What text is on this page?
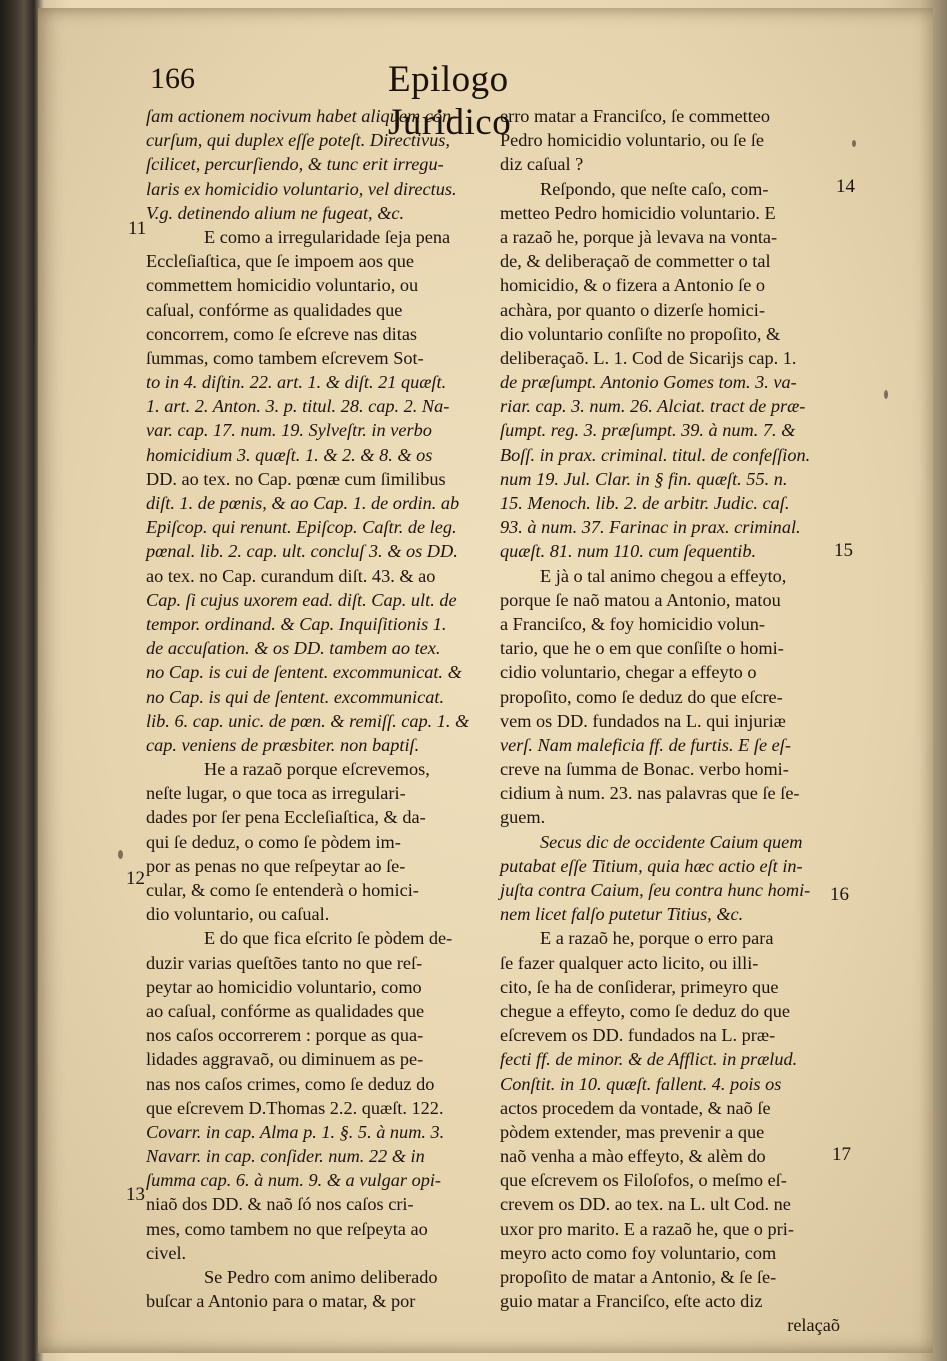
166	Epilogo Juridico
ſam actionem nocivum habet aliquem con-
curſum, qui duplex eſſe poteſt. Directivus,
ſcilicet, percurſiendo, & tunc erit irregu-
laris ex homicidio voluntario, vel directus.
V.g. detinendo alium ne fugeat, &c.
E como a irregularidade ſeja pena
Eccleſiaſtica, que ſe impoem aos que
commettem homicidio voluntario, ou
caſual, confórme as qualidades que
concorrem, como ſe eſcreve nas ditas
ſummas, como tambem eſcrevem Sot-
to in 4. diſtin. 22. art. 1. & diſt. 21 quæſt.
1. art. 2. Anton. 3. p. titul. 28. cap. 2. Na-
var. cap. 17. num. 19. Sylveſtr. in verbo
homicidium 3. quæſt. 1. & 2. & 8. & os
DD. ao tex. no Cap. pœnæ cum ſimilibus
diſt. 1. de pœnis, & ao Cap. 1. de ordin. ab
Epiſcop. qui renunt. Epiſcop. Caſtr. de leg.
pœnal. lib. 2. cap. ult. concluſ 3. & os DD.
ao tex. no Cap. curandum diſt. 43. & ao
Cap. ſi cujus uxorem ead. diſt. Cap. ult. de
tempor. ordinand. & Cap. Inquiſitionis 1.
de accuſation. & os DD. tambem ao tex.
no Cap. is cui de ſentent. excommunicat. &
no Cap. is qui de ſentent. excommunicat.
lib. 6. cap. unic. de pœn. & remiſſ. cap. 1. &
cap. veniens de præsbiter. non baptiſ.
He a razaõ porque eſcrevemos,
neſte lugar, o que toca as irregulari-
dades por ſer pena Eccleſiaſtica, & da-
qui ſe deduz, o como ſe pòdem im-
por as penas no que reſpeytar ao ſe-
cular, & como ſe entenderà o homici-
dio voluntario, ou caſual.
E do que fica eſcrito ſe pòdem de-
duzir varias queſtões tanto no que reſ-
peytar ao homicidio voluntario, como
ao caſual, confórme as qualidades que
nos caſos occorrerem : porque as qua-
lidades aggravaõ, ou diminuem as pe-
nas nos caſos crimes, como ſe deduz do
que eſcrevem D.Thomas 2.2. quæſt. 122.
Covarr. in cap. Alma p. 1. §. 5. à num. 3.
Navarr. in cap. conſider. num. 22 & in
ſumma cap. 6. à num. 9. & a vulgar opi-
niaõ dos DD. & naõ ſó nos caſos cri-
mes, como tambem no que reſpeyta ao
civel.
Se Pedro com animo deliberado
buſcar a Antonio para o matar, & por
erro matar a Franciſco, ſe commetteo
Pedro homicidio voluntario, ou ſe ſe
diz caſual ?
Reſpondo, que neſte caſo, com-
metteo Pedro homicidio voluntario. E
a razaõ he, porque jà levava na vonta-
de, & deliberaçaõ de commetter o tal
homicidio, & o fizera a Antonio ſe o
achàra, por quanto o dizerſe homici-
dio voluntario conſiſte no propoſito, &
deliberaçaõ. L. 1. Cod de Sicarijs cap. 1.
de præſumpt. Antonio Gomes tom. 3. va-
riar. cap. 3. num. 26. Alciat. tract de præ-
ſumpt. reg. 3. præſumpt. 39. à num. 7. &
Boſſ. in prax. criminal. titul. de confeſſion.
num 19. Jul. Clar. in § fin. quæſt. 55. n.
15. Menoch. lib. 2. de arbitr. Judic. caſ.
93. à num. 37. Farinac in prax. criminal.
quæſt. 81. num 110. cum ſequentib.
E jà o tal animo chegou a effeyto,
porque ſe naõ matou a Antonio, matou
a Franciſco, & foy homicidio volun-
tario, que he o em que conſiſte o homi-
cidio voluntario, chegar a effeyto o
propoſito, como ſe deduz do que eſcre-
vem os DD. fundados na L. qui injuriæ
verſ. Nam maleficia ff. de furtis. E ſe eſ-
creve na ſumma de Bonac. verbo homi-
cidium à num. 23. nas palavras que ſe ſe-
guem.
Secus dic de occidente Caium quem
putabat eſſe Titium, quia hæc actio eſt in-
juſta contra Caium, ſeu contra hunc homi-
nem licet falſo putetur Titius, &c.
E a razaõ he, porque o erro para
ſe fazer qualquer acto licito, ou illi-
cito, ſe ha de conſiderar, primeyro que
chegue a effeyto, como ſe deduz do que
eſcrevem os DD. fundados na L. præ-
fecti ff. de minor. & de Afflict. in prælud.
Conſtit. in 10. quæſt. fallent. 4. pois os
actos procedem da vontade, & naõ ſe
pòdem extender, mas prevenir a que
naõ venha a mào effeyto, & alèm do
que eſcrevem os Filoſofos, o meſmo eſ-
crevem os DD. ao tex. na L. ult Cod. ne
uxor pro marito. E a razaõ he, que o pri-
meyro acto como foy voluntario, com
propoſito de matar a Antonio, & ſe ſe-
guio matar a Franciſco, eſte acto diz
relaçaõ
11
12
13
14
15
16
17
